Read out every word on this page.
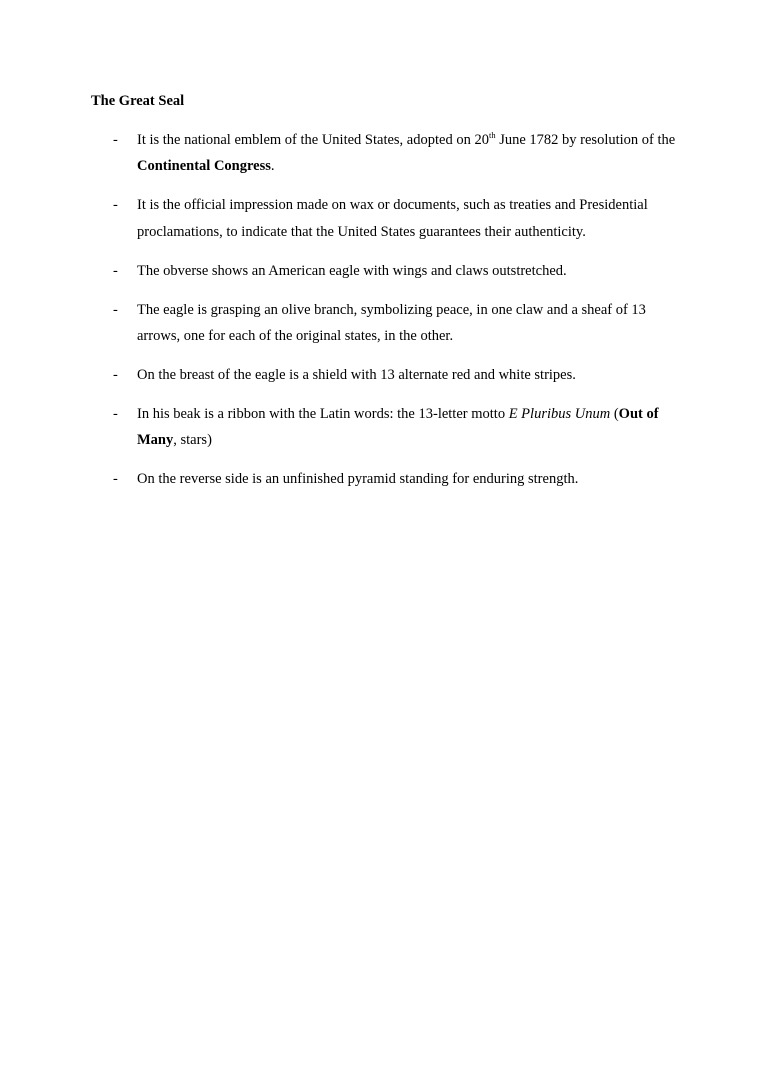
The Great Seal

- It is the national emblem of the United States, adopted on 20th June 1782 by resolution of the Continental Congress.
- It is the official impression made on wax or documents, such as treaties and Presidential proclamations, to indicate that the United States guarantees their authenticity.
- The obverse shows an American eagle with wings and claws outstretched.
- The eagle is grasping an olive branch, symbolizing peace, in one claw and a sheaf of 13 arrows, one for each of the original states, in the other.
- On the breast of the eagle is a shield with 13 alternate red and white stripes.
- In his beak is a ribbon with the Latin words: the 13-letter motto E Pluribus Unum (Out of Many, stars)
- On the reverse side is an unfinished pyramid standing for enduring strength.
